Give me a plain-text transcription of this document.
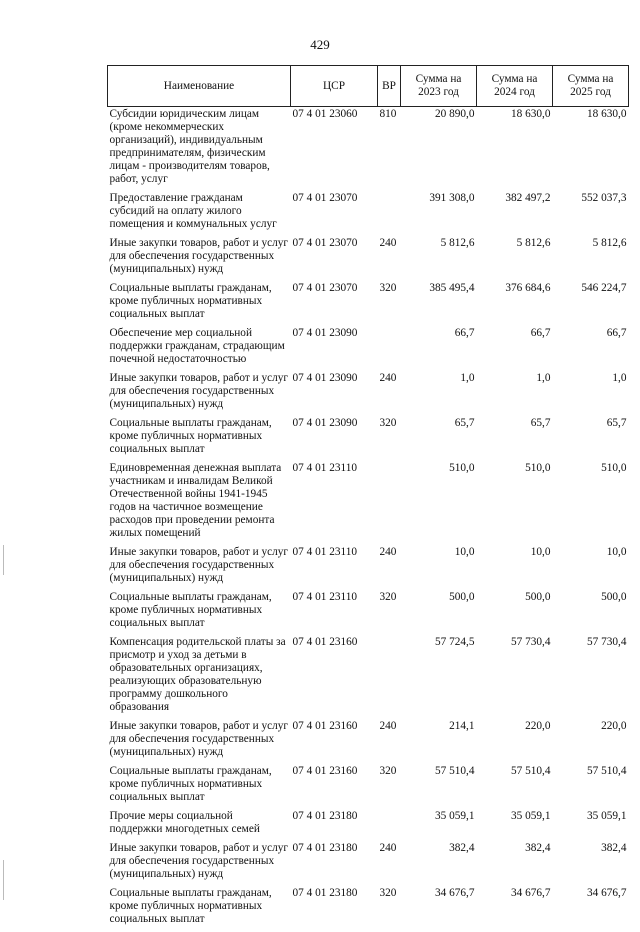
429
Наименование	ЦСР	ВР	Сумма на 2023 год	Сумма на 2024 год	Сумма на 2025 год
Субсидии юридическим лицам (кроме некоммерческих организаций), индивидуальным предпринимателям, физическим лицам - производителям товаров, работ, услуг	07 4 01 23060	810	20 890,0	18 630,0	18 630,0
Предоставление гражданам субсидий на оплату жилого помещения и коммунальных услуг	07 4 01 23070		391 308,0	382 497,2	552 037,3
Иные закупки товаров, работ и услуг для обеспечения государственных (муниципальных) нужд	07 4 01 23070	240	5 812,6	5 812,6	5 812,6
Социальные выплаты гражданам, кроме публичных нормативных социальных выплат	07 4 01 23070	320	385 495,4	376 684,6	546 224,7
Обеспечение мер социальной поддержки гражданам, страдающим почечной недостаточностью	07 4 01 23090		66,7	66,7	66,7
Иные закупки товаров, работ и услуг для обеспечения государственных (муниципальных) нужд	07 4 01 23090	240	1,0	1,0	1,0
Социальные выплаты гражданам, кроме публичных нормативных социальных выплат	07 4 01 23090	320	65,7	65,7	65,7
Единовременная денежная выплата участникам и инвалидам Великой Отечественной войны 1941-1945 годов на частичное возмещение расходов при проведении ремонта жилых помещений	07 4 01 23110		510,0	510,0	510,0
Иные закупки товаров, работ и услуг для обеспечения государственных (муниципальных) нужд	07 4 01 23110	240	10,0	10,0	10,0
Социальные выплаты гражданам, кроме публичных нормативных социальных выплат	07 4 01 23110	320	500,0	500,0	500,0
Компенсация родительской платы за присмотр и уход за детьми в образовательных организациях, реализующих образовательную программу дошкольного образования	07 4 01 23160		57 724,5	57 730,4	57 730,4
Иные закупки товаров, работ и услуг для обеспечения государственных (муниципальных) нужд	07 4 01 23160	240	214,1	220,0	220,0
Социальные выплаты гражданам, кроме публичных нормативных социальных выплат	07 4 01 23160	320	57 510,4	57 510,4	57 510,4
Прочие меры социальной поддержки многодетных семей	07 4 01 23180		35 059,1	35 059,1	35 059,1
Иные закупки товаров, работ и услуг для обеспечения государственных (муниципальных) нужд	07 4 01 23180	240	382,4	382,4	382,4
Социальные выплаты гражданам, кроме публичных нормативных социальных выплат	07 4 01 23180	320	34 676,7	34 676,7	34 676,7
